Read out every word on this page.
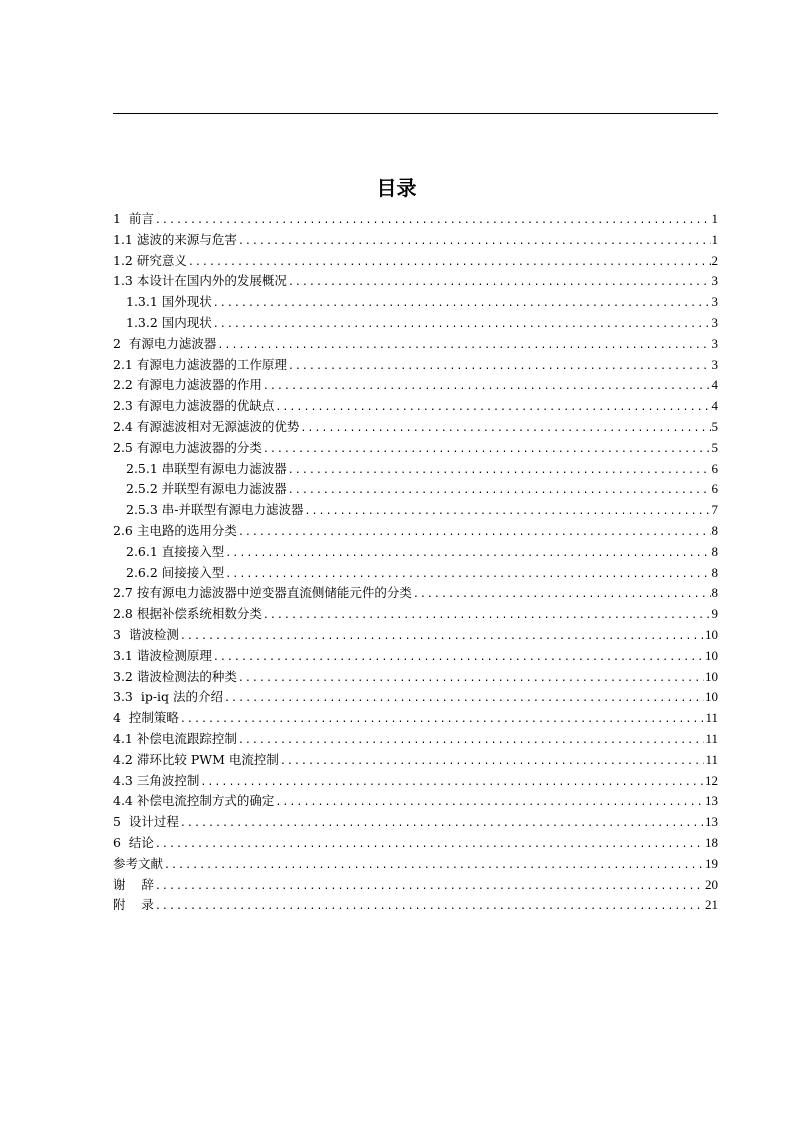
目录
1  前言 .....	1
1.1 滤波的来源与危害 .....	1
1.2 研究意义 .....	2
1.3 本设计在国内外的发展概况 .....	3
1.3.1 国外现状 .....	3
1.3.2 国内现状 .....	3
2  有源电力滤波器 .....	3
2.1 有源电力滤波器的工作原理 .....	3
2.2 有源电力滤波器的作用 .....	4
2.3 有源电力滤波器的优缺点 .....	4
2.4 有源滤波相对无源滤波的优势 .....	5
2.5 有源电力滤波器的分类 .....	5
2.5.1 串联型有源电力滤波器 .....	6
2.5.2 并联型有源电力滤波器 .....	6
2.5.3 串-并联型有源电力滤波器 .....	7
2.6 主电路的选用分类 .....	8
2.6.1 直接接入型 .....	8
2.6.2 间接接入型 .....	8
2.7 按有源电力滤波器中逆变器直流侧储能元件的分类 .....	8
2.8 根据补偿系统相数分类 .....	9
3  谐波检测 .....	10
3.1 谐波检测原理 .....	10
3.2 谐波检测法的种类 .....	10
3.3  ip-iq 法的介绍 .....	10
4  控制策略 .....	11
4.1 补偿电流跟踪控制 .....	11
4.2 滞环比较 PWM 电流控制 .....	11
4.3 三角波控制 .....	12
4.4 补偿电流控制方式的确定 .....	13
5  设计过程 .....	13
6  结论 .....	18
参考文献 .....	19
谢    辞 .....	20
附    录 .....	21
